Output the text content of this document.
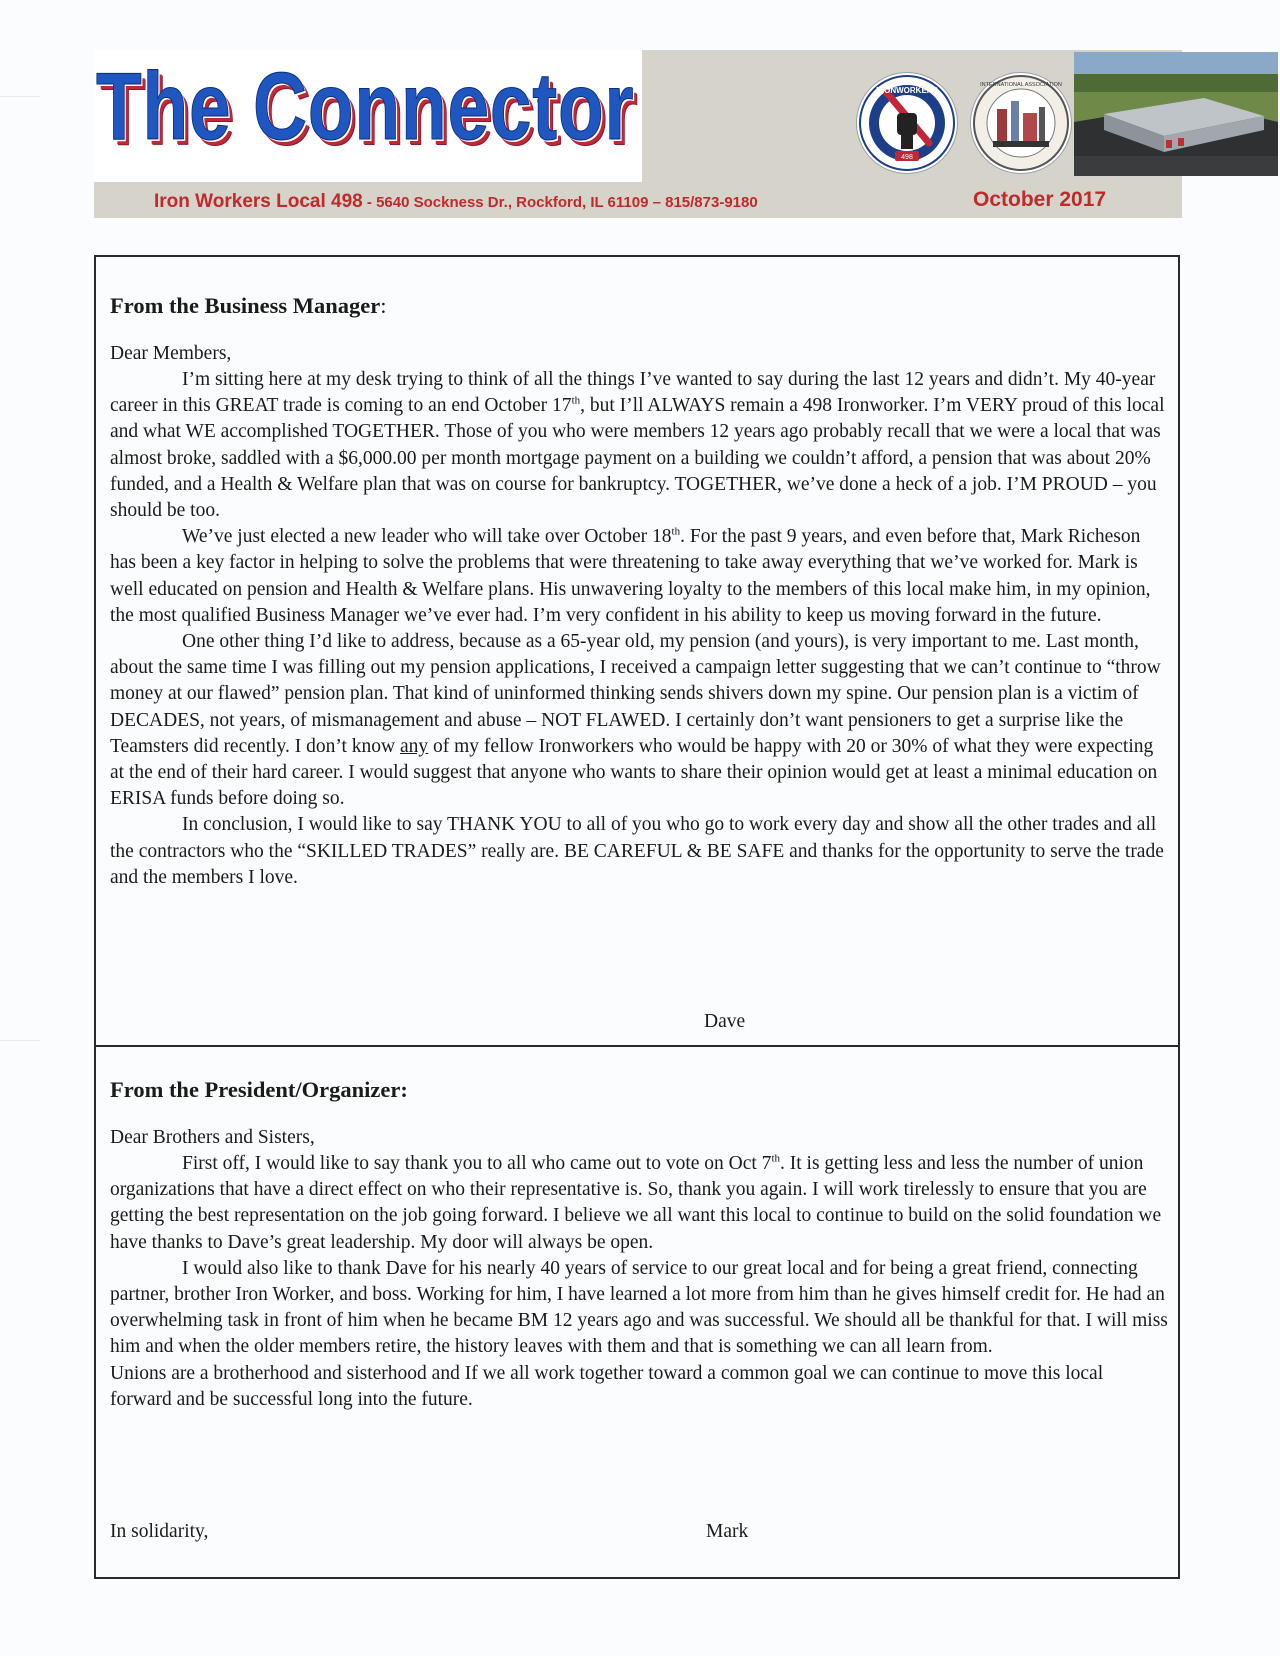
The Connector	498
IRONWORKERS
INTERNATIONAL ASSOCIATION
Iron Workers Local 498 - 5640 Sockness Dr., Rockford, IL 61109 – 815/873-9180	October 2017
From the Business Manager:

Dear Members,

I’m sitting here at my desk trying to think of all the things I’ve wanted to say during the last 12 years and didn’t. My 40-year career in this GREAT trade is coming to an end October 17th, but I’ll ALWAYS remain a 498 Ironworker. I’m VERY proud of this local and what WE accomplished TOGETHER. Those of you who were members 12 years ago probably recall that we were a local that was almost broke, saddled with a $6,000.00 per month mortgage payment on a building we couldn’t afford, a pension that was about 20% funded, and a Health & Welfare plan that was on course for bankruptcy. TOGETHER, we’ve done a heck of a job. I’M PROUD – you should be too.

We’ve just elected a new leader who will take over October 18th. For the past 9 years, and even before that, Mark Richeson has been a key factor in helping to solve the problems that were threatening to take away everything that we’ve worked for. Mark is well educated on pension and Health & Welfare plans. His unwavering loyalty to the members of this local make him, in my opinion, the most qualified Business Manager we’ve ever had. I’m very confident in his ability to keep us moving forward in the future.

One other thing I’d like to address, because as a 65-year old, my pension (and yours), is very important to me. Last month, about the same time I was filling out my pension applications, I received a campaign letter suggesting that we can’t continue to “throw money at our flawed” pension plan. That kind of uninformed thinking sends shivers down my spine. Our pension plan is a victim of DECADES, not years, of mismanagement and abuse – NOT FLAWED. I certainly don’t want pensioners to get a surprise like the Teamsters did recently. I don’t know any of my fellow Ironworkers who would be happy with 20 or 30% of what they were expecting at the end of their hard career. I would suggest that anyone who wants to share their opinion would get at least a minimal education on ERISA funds before doing so.

In conclusion, I would like to say THANK YOU to all of you who go to work every day and show all the other trades and all the contractors who the “SKILLED TRADES” really are. BE CAREFUL & BE SAFE and thanks for the opportunity to serve the trade and the members I love.

Dave
From the President/Organizer:

Dear Brothers and Sisters,

First off, I would like to say thank you to all who came out to vote on Oct 7th. It is getting less and less the number of union organizations that have a direct effect on who their representative is. So, thank you again. I will work tirelessly to ensure that you are getting the best representation on the job going forward. I believe we all want this local to continue to build on the solid foundation we have thanks to Dave’s great leadership. My door will always be open.

I would also like to thank Dave for his nearly 40 years of service to our great local and for being a great friend, connecting partner, brother Iron Worker, and boss. Working for him, I have learned a lot more from him than he gives himself credit for. He had an overwhelming task in front of him when he became BM 12 years ago and was successful. We should all be thankful for that. I will miss him and when the older members retire, the history leaves with them and that is something we can all learn from.

Unions are a brotherhood and sisterhood and If we all work together toward a common goal we can continue to move this local forward and be successful long into the future.

In solidarity,	Mark
